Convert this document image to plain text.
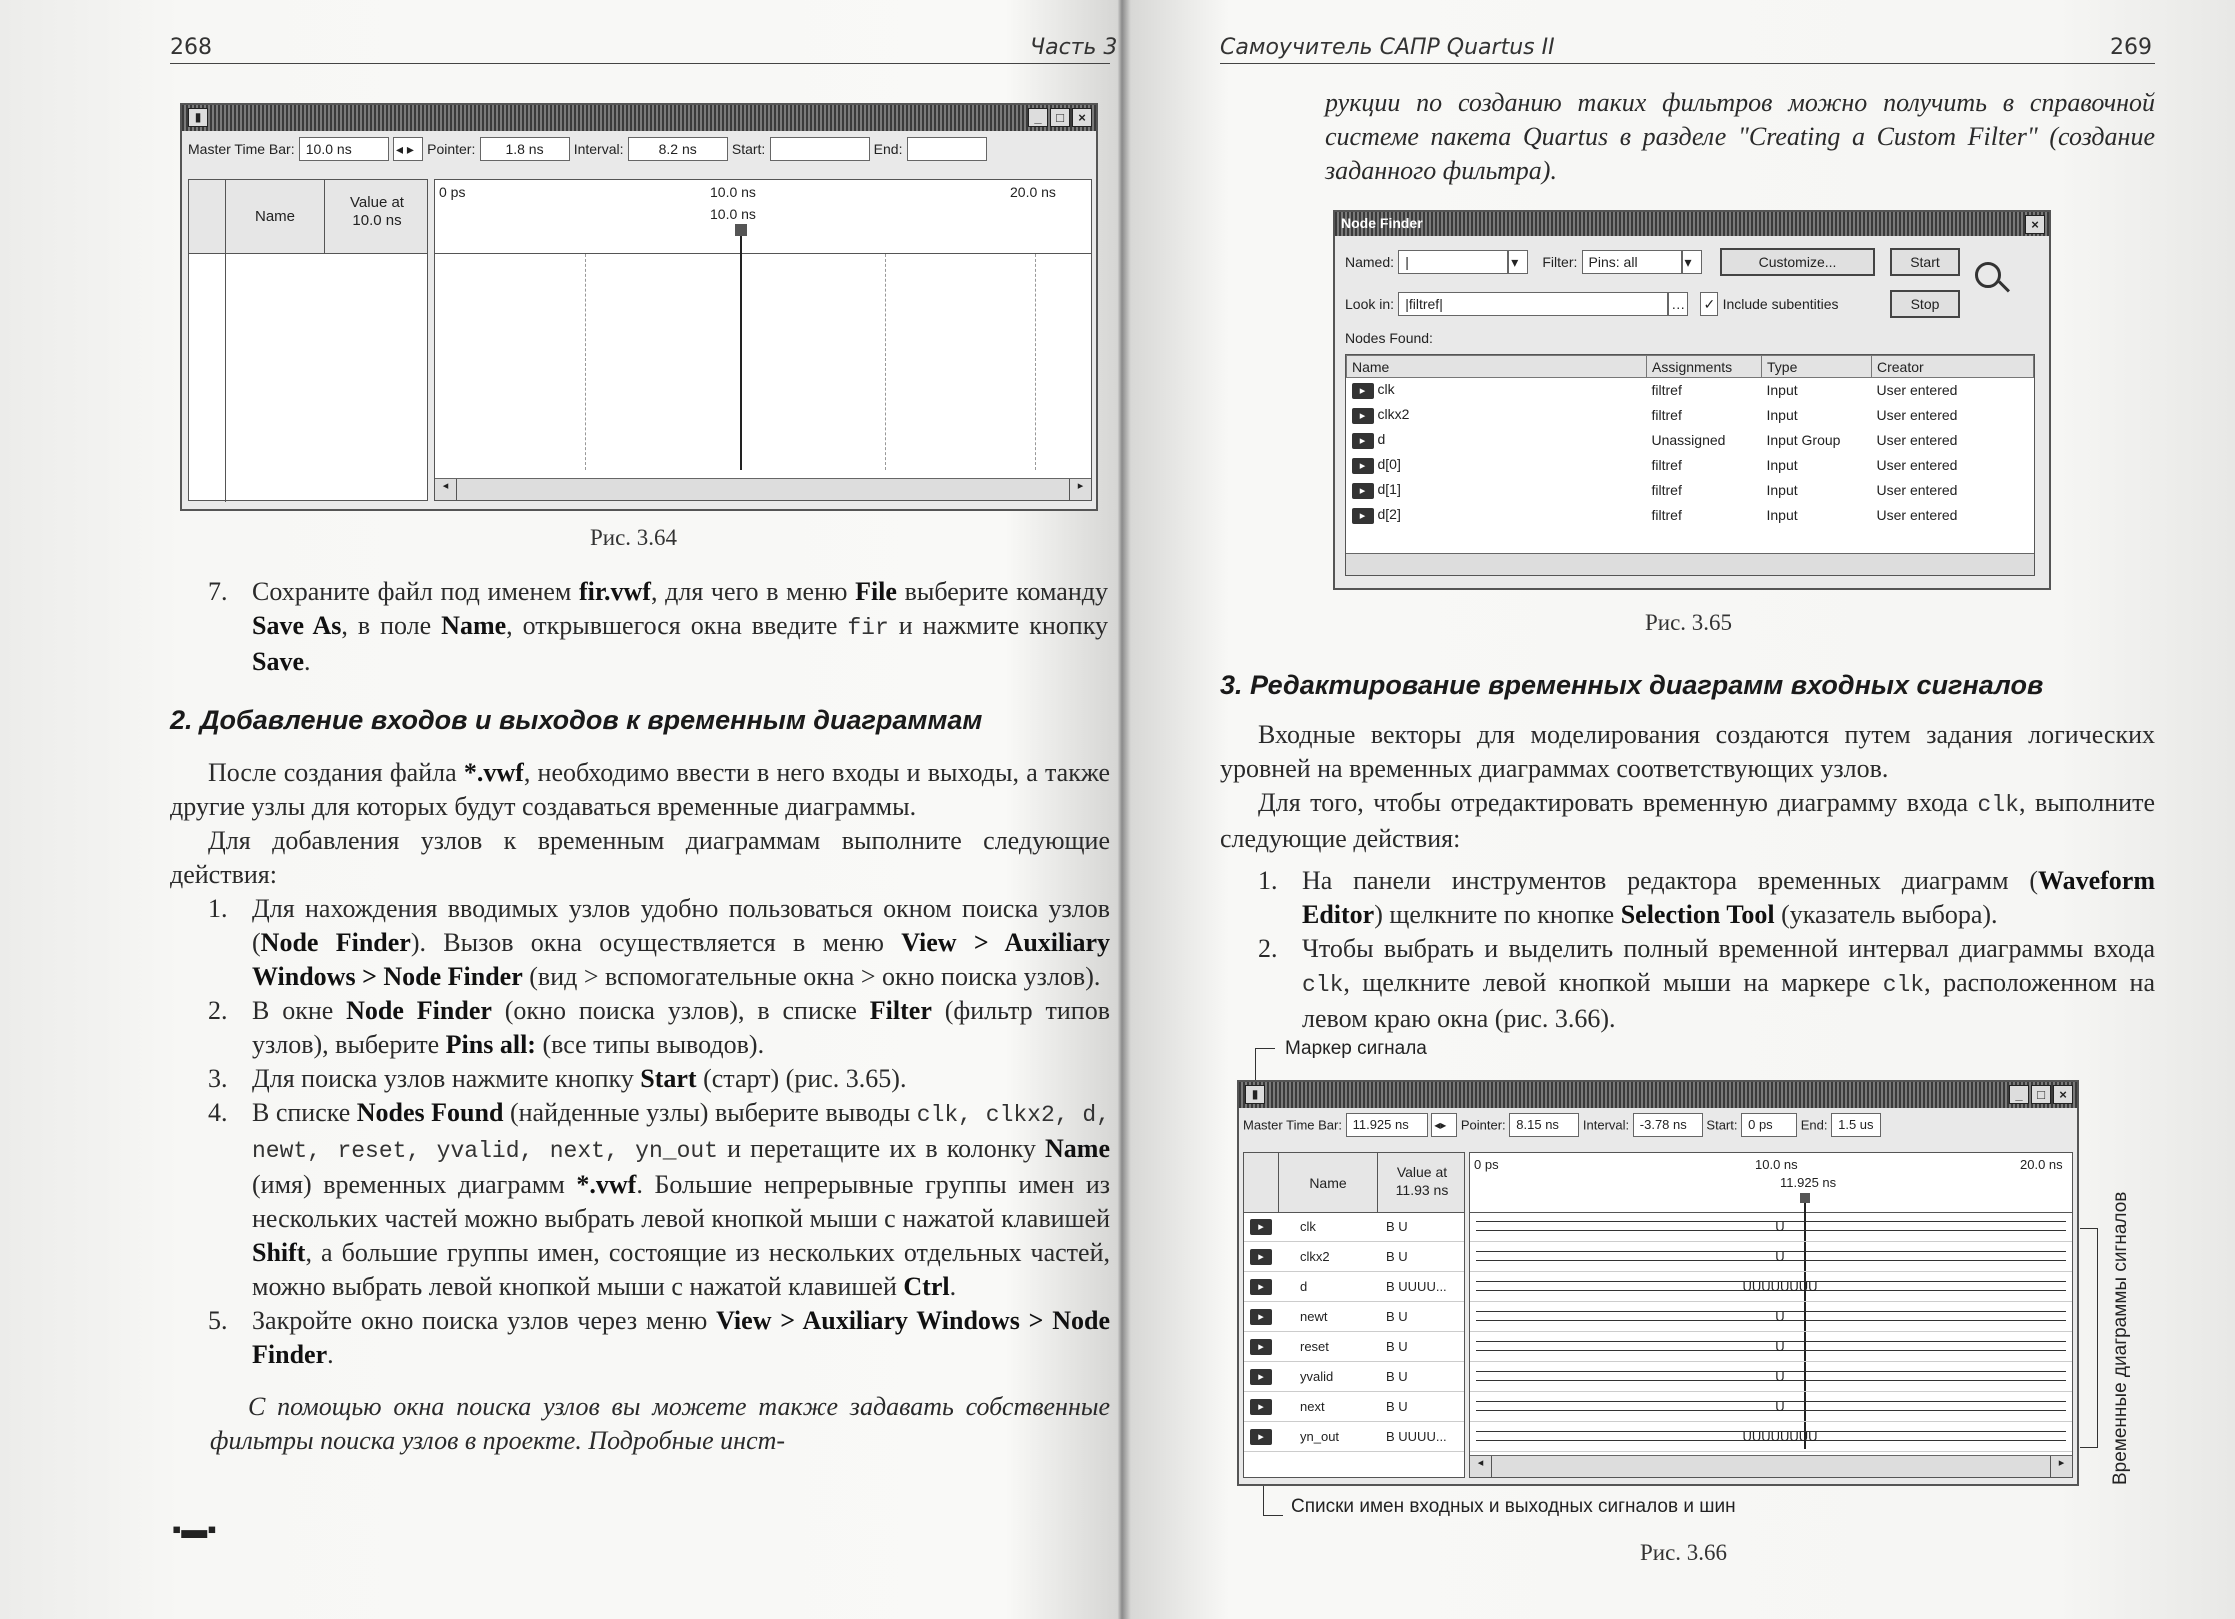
268	Часть 3
▮	_	□	×
Master Time Bar: 10.0 ns	◂ ▸ Pointer: 1.8 ns Interval:	8.2 ns	Start:	End:
Name
Value at
10.0 ns
0 ps	10.0 ns	20.0 ns
10.0 ns
◂	▸
Рис. 3.64
7. Сохраните файл под именем fir.vwf, для чего в меню File выберите команду Save As, в поле Name, открывшегося окна введите fir и нажмите кнопку Save.
2. Добавление входов и выходов к временным диаграммам

После создания файла *.vwf, необходимо ввести в него входы и выходы, а также другие узлы для которых будут создаваться временные диаграммы.

Для добавления узлов к временным диаграммам выполните следующие действия:

1. Для нахождения вводимых узлов удобно пользоваться окном поиска узлов (Node Finder). Вызов окна осуществляется в меню View > Auxiliary Windows > Node Finder (вид > вспомогательные окна > окно поиска узлов).
2. В окне Node Finder (окно поиска узлов), в списке Filter (фильтр типов узлов), выберите Pins all: (все типы выводов).
3. Для поиска узлов нажмите кнопку Start (старт) (рис. 3.65).
4. В списке Nodes Found (найденные узлы) выберите выводы clk, clkx2, d, newt, reset, yvalid, next, yn_out и перетащите их в колонку Name (имя) временных диаграмм *.vwf. Большие непрерывные группы имен из нескольких частей можно выбрать левой кнопкой мыши с нажатой клавишей Shift, а большие группы имен, состоящие из нескольких отдельных частей, можно выбрать левой кнопкой мыши с нажатой клавишей Ctrl.
5. Закройте окно поиска узлов через меню View > Auxiliary Windows > Node Finder.

С помощью окна поиска узлов вы можете также задавать собственные фильтры поиска узлов в проекте. Подробные инст-

▪▬▪
Самоучитель САПР Quartus II	269
рукции по созданию таких фильтров можно получить в справочной системе пакета Quartus в разделе "Creating a Custom Filter" (создание заданного фильтра).
Node Finder	×
Named: |	▾ Filter: Pins: all	▾	Customize...	Start
Look in: |filtref|	… ✓ Include subentities	Stop
Nodes Found:
Name	Assignments	Type	Creator
▸ clk	filtref	Input	User entered
▸ clkx2	filtref	Input	User entered
▸ d	Unassigned	Input Group	User entered
▸ d[0]	filtref	Input	User entered
▸ d[1]	filtref	Input	User entered
▸ d[2]	filtref	Input	User entered
Рис. 3.65
3. Редактирование временных диаграмм входных сигналов

Входные векторы для моделирования создаются путем задания логических уровней на временных диаграммах соответствующих узлов.

Для того, чтобы отредактировать временную диаграмму входа clk, выполните следующие действия:

1. На панели инструментов редактора временных диаграмм (Waveform Editor) щелкните по кнопке Selection Tool (указатель выбора).
2. Чтобы выбрать и выделить полный временной интервал диаграммы входа clk, щелкните левой кнопкой мыши на маркере clk, расположенном на левом краю окна (рис. 3.66).
Маркер сигнала
▮	_	□	×
Master Time Bar: 11.925 ns ◂▸ Pointer: 8.15 ns Interval: -3.78 ns Start: 0 ps End: 1.5 us
Name
Value at
11.93 ns
▸	clk	B U
▸	clkx2	B U
▸	d	B UUUU...
▸	newt	B U
▸	reset	B U
▸	yvalid	B U
▸	next	B U
▸	yn_out	B UUUU...
0 ps	10.0 ns	20.0 ns
11.925 ns
U
U
UUUUUUUU
U
U
U
U
UUUUUUUU
◂	▸
Списки имен входных и выходных сигналов и шин
Временные диаграммы сигналов
Рис. 3.66
